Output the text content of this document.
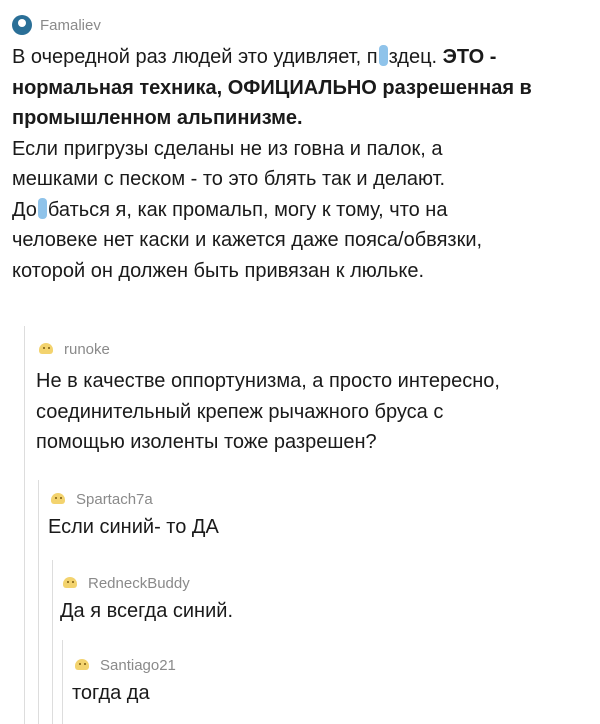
Famaliev

В очередной раз людей это удивляет, п здец. ЭТО -

нормальная техника, ОФИЦИАЛЬНО разрешенная в

промышленном альпинизме.

Если пригрузы сделаны не из говна и палок, а

мешками с песком - то это блять так и делают.

До баться я, как промальп, могу к тому, что на

человеке нет каски и кажется даже пояса/обвязки,

которой он должен быть привязан к люльке.

runoke

Не в качестве оппортунизма, а просто интересно,

соединительный крепеж рычажного бруса с

помощью изоленты тоже разрешен?

Spartach7a

Если синий- то ДА

RedneckBuddy

Да я всегда синий.

Santiago21

тогда да
